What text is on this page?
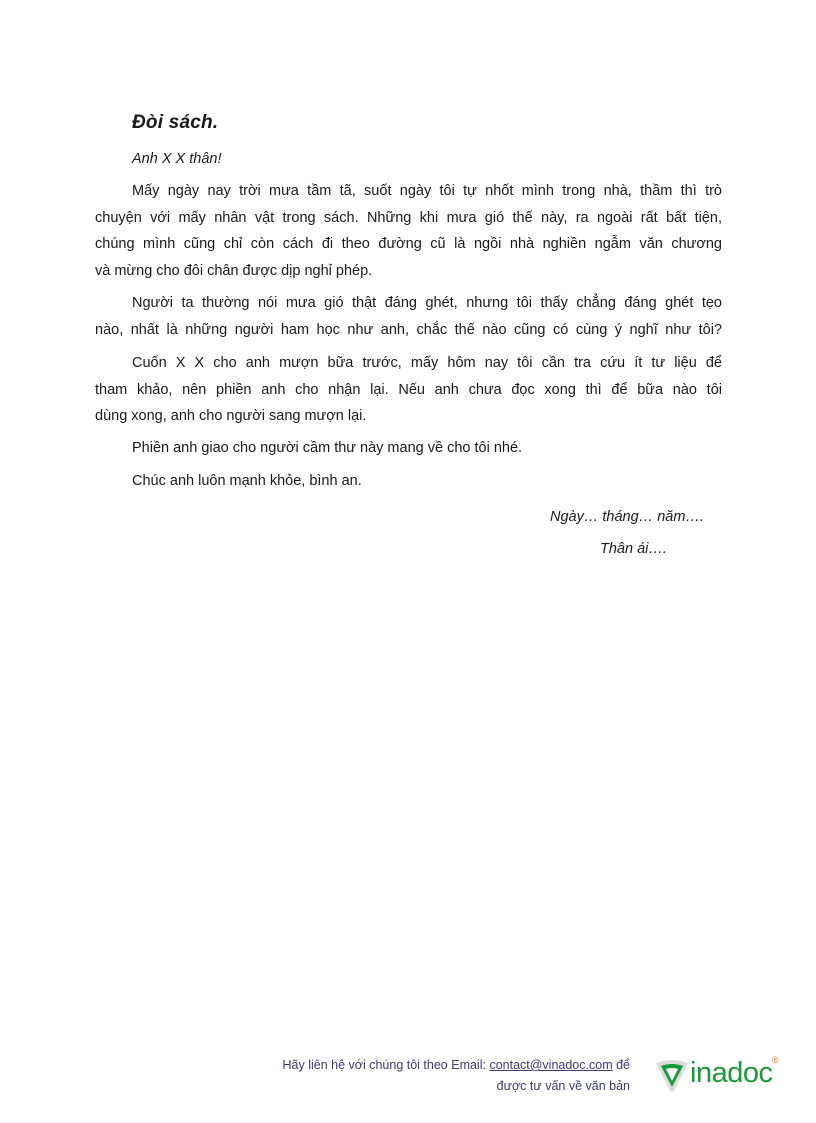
Đòi sách.
Anh X X thân!
Mấy ngày nay trời mưa tầm tã, suốt ngày tôi tự nhốt mình trong nhà, thầm thì trò
chuyện với mấy nhân vật trong sách. Những khi mưa gió thế này, ra ngoài rất bất tiện,
chúng mình cũng chỉ còn cách đi theo đường cũ là ngồi nhà nghiền ngẫm văn chương
và mừng cho đôi chân được dịp nghỉ phép.
Người ta thường nói mưa gió thật đáng ghét, nhưng tôi thấy chẳng đáng ghét tẹo
nào, nhất là những người ham học như anh, chắc thế nào cũng có cùng ý nghĩ như tôi?
Cuốn X X cho anh mượn bữa trước, mấy hôm nay tôi cần tra cứu ít tư liệu để
tham khảo, nên phiền anh cho nhận lại. Nếu anh chưa đọc xong thì để bữa nào tôi
dùng xong, anh cho người sang mượn lại.
Phiền anh giao cho người cầm thư này mang về cho tôi nhé.
Chúc anh luôn mạnh khỏe, bình an.
Ngày… tháng… năm….
Thân ái….
Hãy liên hệ với chúng tôi theo Email: contact@vinadoc.com để
được tư vấn về văn bản inadoc ®
